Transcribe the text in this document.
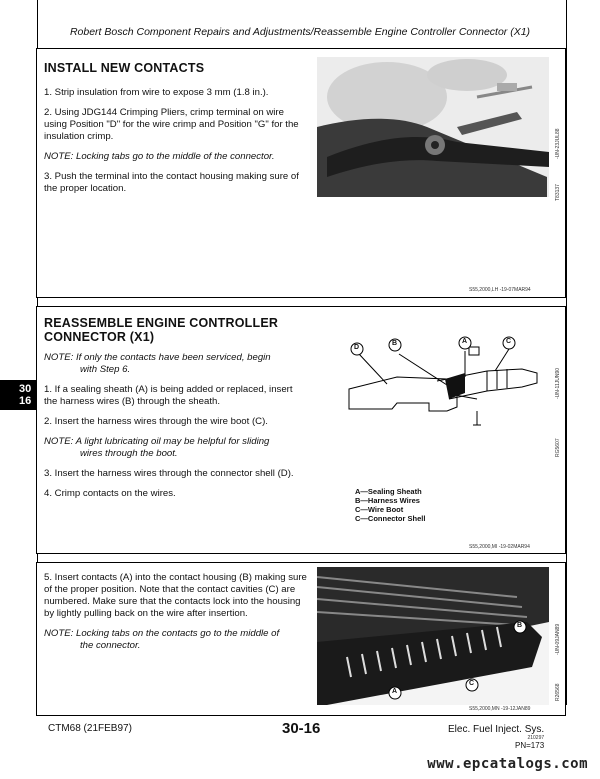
Robert Bosch Component Repairs and Adjustments/Reassemble Engine Controller Connector (X1)
30
16
INSTALL NEW CONTACTS

1. Strip insulation from wire to expose 3 mm (1.8 in.).

2. Using JDG144 Crimping Pliers, crimp terminal on wire using Position "D" for the wire crimp and Position "G" for the insulation crimp.

NOTE: Locking tabs go to the middle of the connector.

3. Push the terminal into the contact housing making sure of the proper location.

-UN-23JUL88
T83137
S55,2000,LH -19-07MAR94
REASSEMBLE ENGINE CONTROLLER
CONNECTOR (X1)

NOTE: If only the contacts have been serviced, begin
with Step 6.

1. If a sealing sheath (A) is being added or replaced, insert the harness wires (B) through the sheath.

2. Insert the harness wires through the wire boot (C).

NOTE: A light lubricating oil may be helpful for sliding
wires through the boot.

3. Insert the harness wires through the connector shell (D).

4. Crimp contacts on the wires.

D
B	A	C
A—Sealing Sheath
B—Harness Wires
C—Wire Boot
C—Connector Shell
-UN-11JUN90
RG5607
S55,2000,MI -19-02MAR94

5. Insert contacts (A) into the contact housing (B) making sure of the proper position. Note that the contact cavities (C) are numbered. Make sure that the contacts lock into the housing by lightly pulling back on the wire after insertion.

NOTE: Locking tabs on the contacts go to the middle of
the connector.

B
A
C
-UN-09JAN89
R26568
S55,2000,MN -19-12JAN89
CTM68 (21FEB97)	30-16	Elec. Fuel Inject. Sys.
210297
PN=173
www.epcatalogs.com
